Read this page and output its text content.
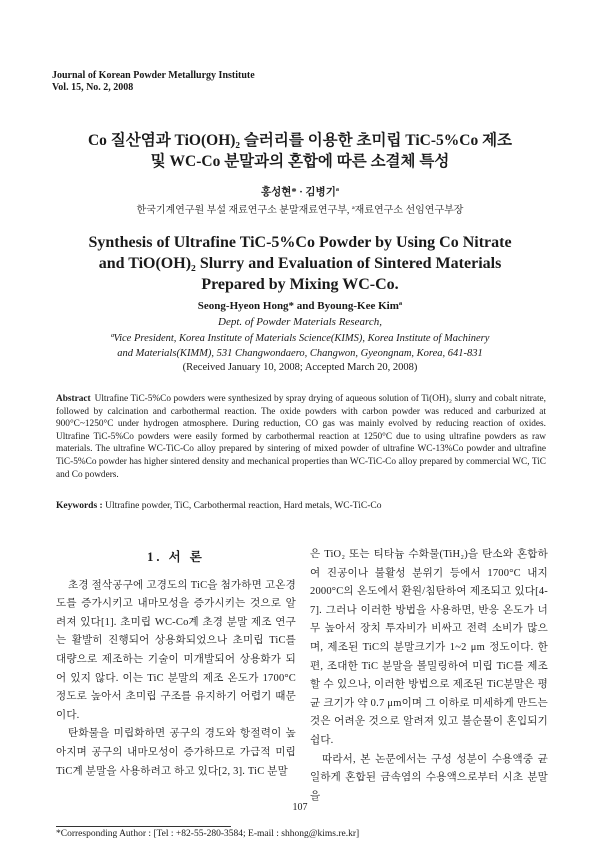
Journal of Korean Powder Metallurgy Institute
Vol. 15, No. 2, 2008
Co 질산염과 TiO(OH)₂ 슬러리를 이용한 초미립 TiC-5%Co 제조
및 WC-Co 분말과의 혼합에 따른 소결체 특성
홍성현* · 김병기ª
한국기계연구원 부설 재료연구소 분말재료연구부, ª재료연구소 선임연구부장
Synthesis of Ultrafine TiC-5%Co Powder by Using Co Nitrate
and TiO(OH)₂ Slurry and Evaluation of Sintered Materials
Prepared by Mixing WC-Co.
Seong-Hyeon Hong* and Byoung-Kee Kimª
Dept. of Powder Materials Research,
ªVice President, Korea Institute of Materials Science(KIMS), Korea Institute of Machinery
and Materials(KIMM), 531 Changwondaero, Changwon, Gyeongnam, Korea, 641-831
(Received January 10, 2008; Accepted March 20, 2008)
Abstract Ultrafine TiC-5%Co powders were synthesized by spray drying of aqueous solution of Ti(OH)₂ slurry and cobalt nitrate, followed by calcination and carbothermal reaction. The oxide powders with carbon powder was reduced and carburized at 900°C~1250°C under hydrogen atmosphere. During reduction, CO gas was mainly evolved by reducing reaction of oxides. Ultrafine TiC-5%Co powders were easily formed by carbothermal reaction at 1250°C due to using ultrafine powders as raw materials. The ultrafine WC-TiC-Co alloy prepared by sintering of mixed powder of ultrafine WC-13%Co powder and ultrafine TiC-5%Co powder has higher sintered density and mechanical properties than WC-TiC-Co alloy prepared by commercial WC, TiC and Co powders.
Keywords : Ultrafine powder, TiC, Carbothermal reaction, Hard metals, WC-TiC-Co
1. 서 론

초경 절삭공구에 고경도의 TiC을 첨가하면 고온경도를 증가시키고 내마모성을 증가시키는 것으로 알려져 있다[1]. 초미립 WC-Co계 초경 분말 제조 연구는 활발히 진행되어 상용화되었으나 초미립 TiC를 대량으로 제조하는 기술이 미개발되어 상용화가 되어 있지 않다. 이는 TiC 분말의 제조 온도가 1700°C 정도로 높아서 초미립 구조를 유지하기 어렵기 때문이다.

탄화물을 미립화하면 공구의 경도와 항절력이 높아지며 공구의 내마모성이 증가하므로 가급적 미립 TiC계 분말을 사용하려고 하고 있다[2, 3]. TiC 분말

은 TiO₂ 또는 티타늄 수화물(TiH₂)을 탄소와 혼합하여 진공이나 불활성 분위기 등에서 1700°C 내지 2000°C의 온도에서 환원/침탄하여 제조되고 있다[4-7]. 그러나 이러한 방법을 사용하면, 반응 온도가 너무 높아서 장치 투자비가 비싸고 전력 소비가 많으며, 제조된 TiC의 분말크기가 1~2 μm 정도이다. 한편, 조대한 TiC 분말을 볼밀링하여 미립 TiC를 제조할 수 있으나, 이러한 방법으로 제조된 TiC분말은 평균 크기가 약 0.7 μm이며 그 이하로 미세하게 만드는 것은 어려운 것으로 알려져 있고 불순물이 혼입되기 쉽다.

따라서, 본 논문에서는 구성 성분이 수용액중 균일하게 혼합된 금속염의 수용액으로부터 시초 분말을

*Corresponding Author : [Tel : +82-55-280-3584; E-mail : shhong@kims.re.kr]
107
